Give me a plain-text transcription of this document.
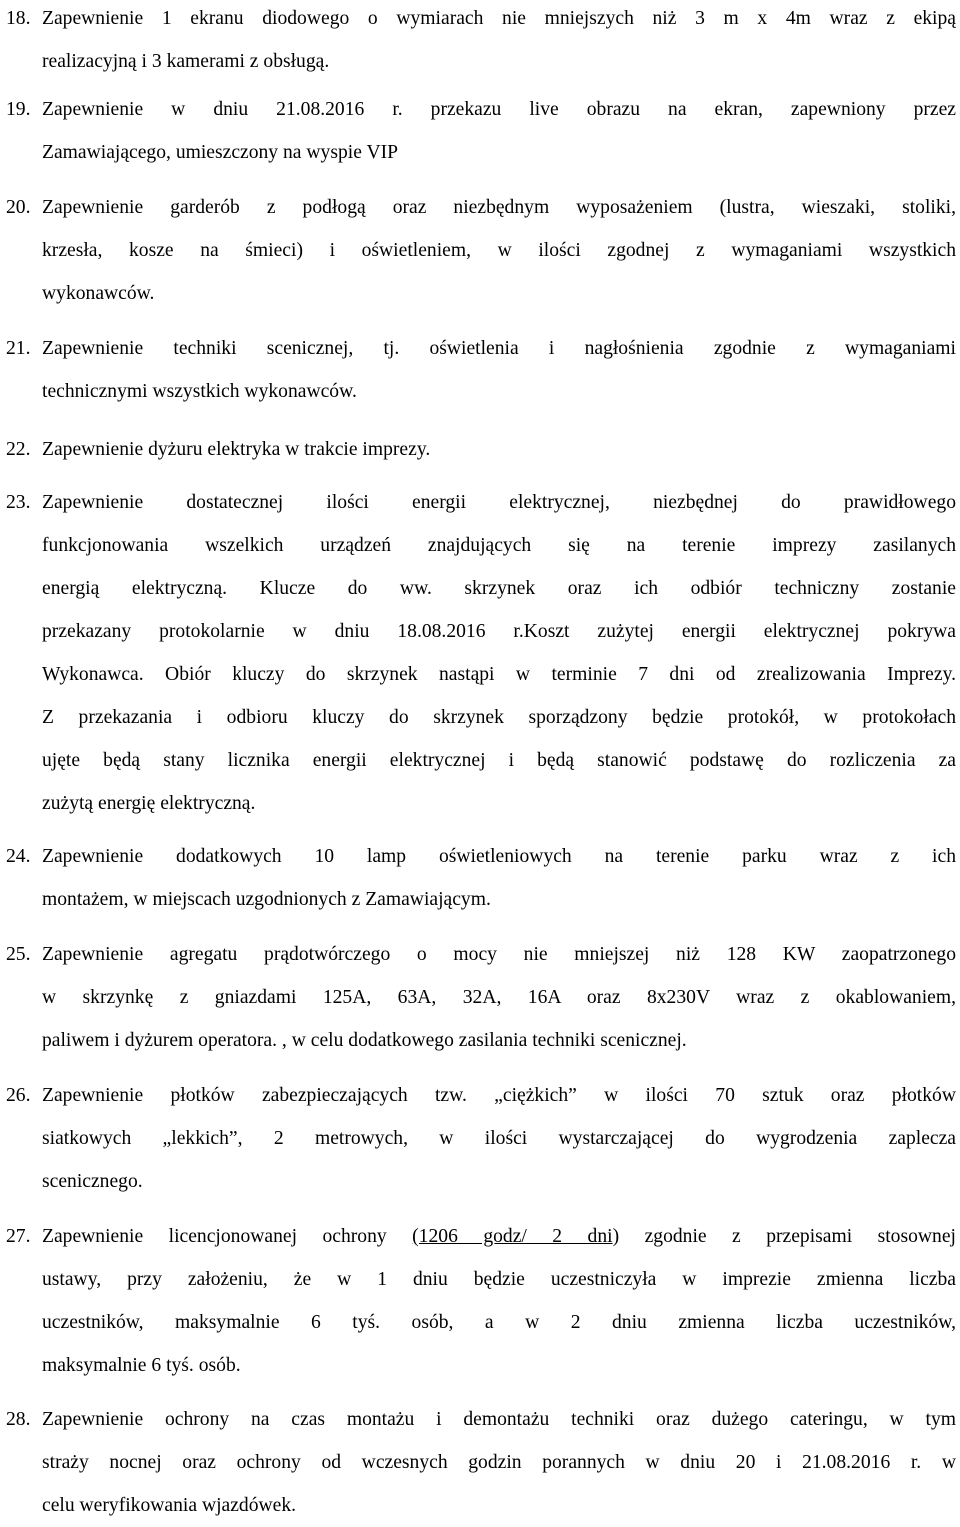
18. Zapewnienie 1 ekranu diodowego o wymiarach nie mniejszych niż 3 m x 4m wraz z ekipą
realizacyjną i 3 kamerami z obsługą.
19. Zapewnienie w dniu 21.08.2016 r. przekazu live obrazu na ekran, zapewniony przez
Zamawiającego, umieszczony na wyspie VIP
20. Zapewnienie garderób z podłogą oraz niezbędnym wyposażeniem (lustra, wieszaki, stoliki,
krzesła, kosze na śmieci) i oświetleniem, w ilości zgodnej z wymaganiami wszystkich
wykonawców.
21. Zapewnienie techniki scenicznej, tj. oświetlenia i nagłośnienia zgodnie z wymaganiami
technicznymi wszystkich wykonawców.
22. Zapewnienie dyżuru elektryka w trakcie imprezy.
23. Zapewnienie dostatecznej ilości energii elektrycznej, niezbędnej do prawidłowego
funkcjonowania wszelkich urządzeń znajdujących się na terenie imprezy zasilanych
energią elektryczną. Klucze do ww. skrzynek oraz ich odbiór techniczny zostanie
przekazany protokolarnie w dniu 18.08.2016 r.Koszt zużytej energii elektrycznej pokrywa
Wykonawca. Obiór kluczy do skrzynek nastąpi w terminie 7 dni od zrealizowania Imprezy.
Z przekazania i odbioru kluczy do skrzynek sporządzony będzie protokół, w protokołach
ujęte będą stany licznika energii elektrycznej i będą stanowić podstawę do rozliczenia za
zużytą energię elektryczną.
24. Zapewnienie dodatkowych 10 lamp oświetleniowych na terenie parku wraz z ich
montażem, w miejscach uzgodnionych z Zamawiającym.
25. Zapewnienie agregatu prądotwórczego o mocy nie mniejszej niż 128 KW zaopatrzonego
w skrzynkę z gniazdami 125A, 63A, 32A, 16A oraz 8x230V wraz z okablowaniem,
paliwem i dyżurem operatora. , w celu dodatkowego zasilania techniki scenicznej.
26. Zapewnienie płotków zabezpieczających tzw. „ciężkich” w ilości 70 sztuk oraz płotków
siatkowych „lekkich”, 2 metrowych, w ilości wystarczającej do wygrodzenia zaplecza
scenicznego.
27. Zapewnienie licencjonowanej ochrony (1206 godz/ 2 dni) zgodnie z przepisami stosownej
ustawy, przy założeniu, że w 1 dniu będzie uczestniczyła w imprezie zmienna liczba
uczestników, maksymalnie 6 tyś. osób, a w 2 dniu zmienna liczba uczestników,
maksymalnie 6 tyś. osób.
28. Zapewnienie ochrony na czas montażu i demontażu techniki oraz dużego cateringu, w tym
straży nocnej oraz ochrony od wczesnych godzin porannych w dniu 20 i 21.08.2016 r. w
celu weryfikowania wjazdówek.
